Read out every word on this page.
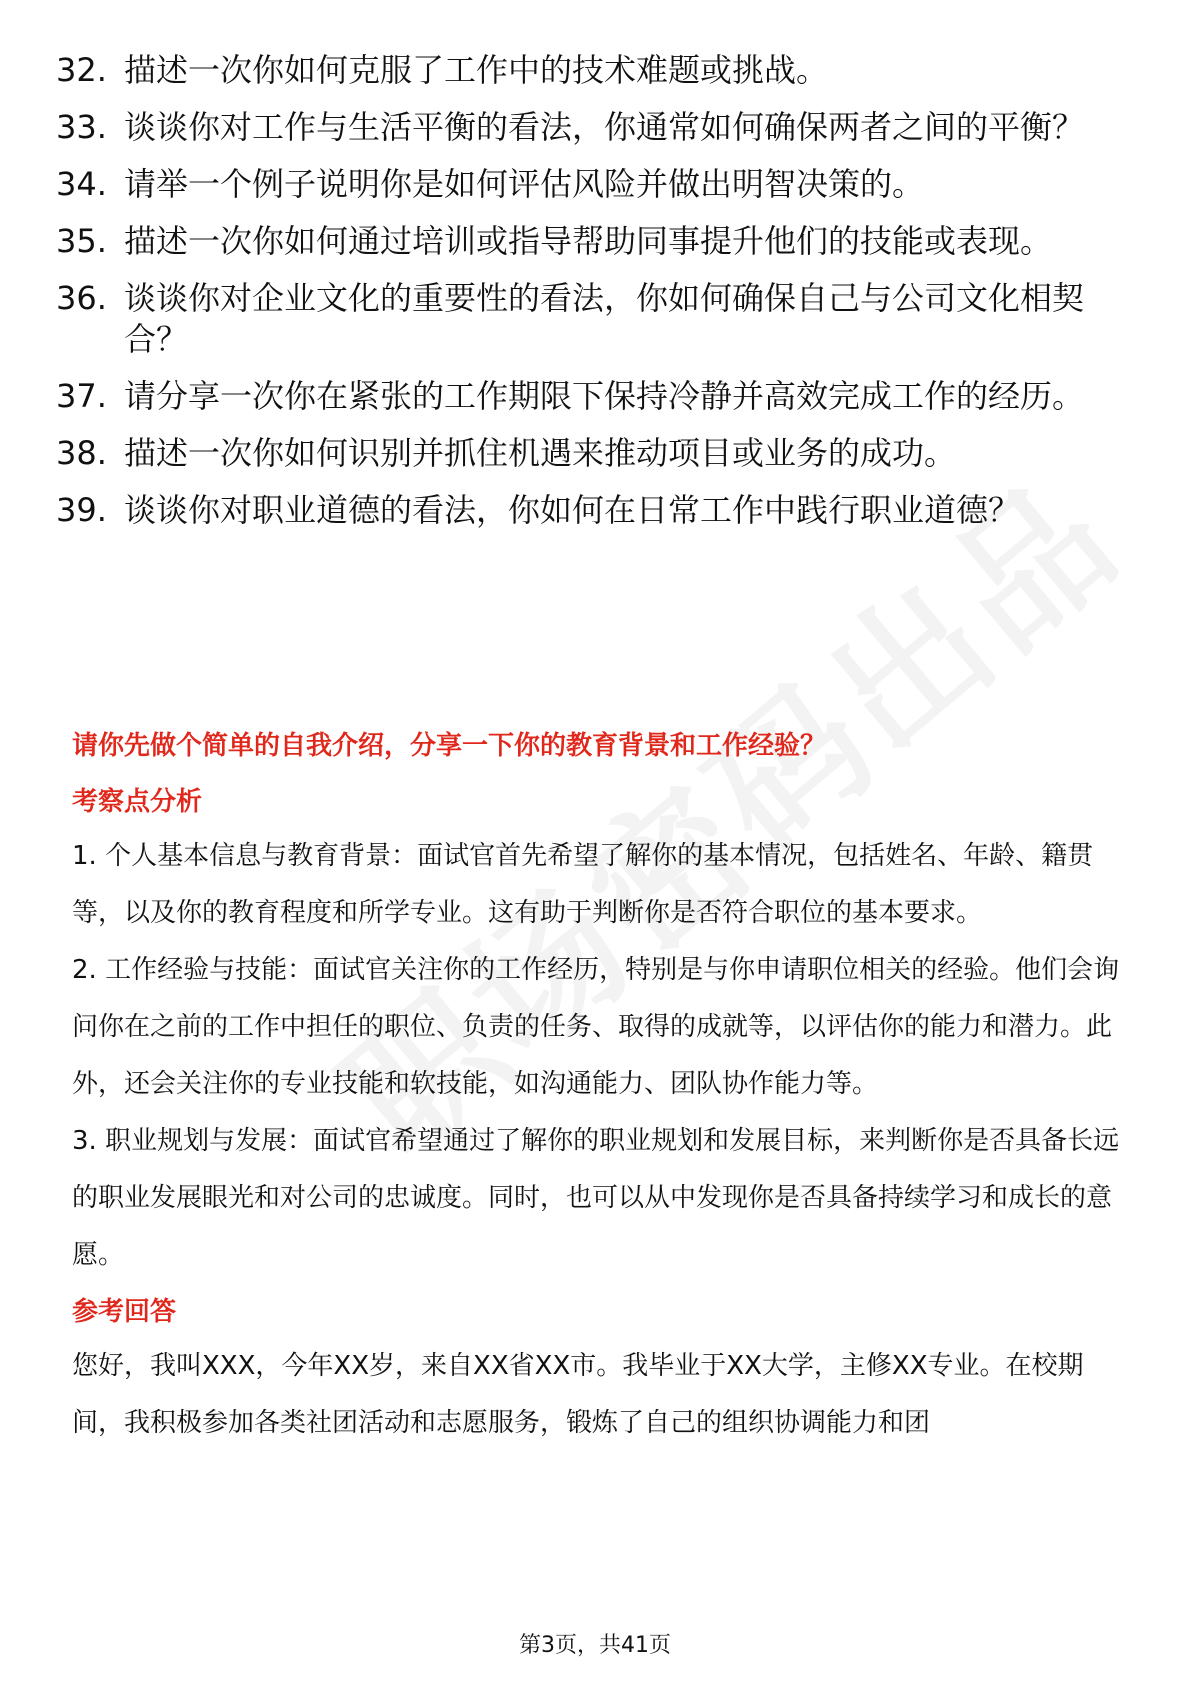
32. 描述一次你如何克服了工作中的技术难题或挑战。
33. 谈谈你对工作与生活平衡的看法，你通常如何确保两者之间的平衡？
34. 请举一个例子说明你是如何评估风险并做出明智决策的。
35. 描述一次你如何通过培训或指导帮助同事提升他们的技能或表现。
36. 谈谈你对企业文化的重要性的看法，你如何确保自己与公司文化相契合？
37. 请分享一次你在紧张的工作期限下保持冷静并高效完成工作的经历。
38. 描述一次你如何识别并抓住机遇来推动项目或业务的成功。
39. 谈谈你对职业道德的看法，你如何在日常工作中践行职业道德？
请你先做个简单的自我介绍，分享一下你的教育背景和工作经验？
考察点分析

1. 个人基本信息与教育背景：面试官首先希望了解你的基本情况，包括姓名、年龄、籍贯等，以及你的教育程度和所学专业。这有助于判断你是否符合职位的基本要求。

2. 工作经验与技能：面试官关注你的工作经历，特别是与你申请职位相关的经验。他们会询问你在之前的工作中担任的职位、负责的任务、取得的成就等，以评估你的能力和潜力。此外，还会关注你的专业技能和软技能，如沟通能力、团队协作能力等。

3. 职业规划与发展：面试官希望通过了解你的职业规划和发展目标，来判断你是否具备长远的职业发展眼光和对公司的忠诚度。同时，也可以从中发现你是否具备持续学习和成长的意愿。

参考回答

您好，我叫XXX，今年XX岁，来自XX省XX市。我毕业于XX大学，主修XX专业。在校期间，我积极参加各类社团活动和志愿服务，锻炼了自己的组织协调能力和团

第3页，共41页
